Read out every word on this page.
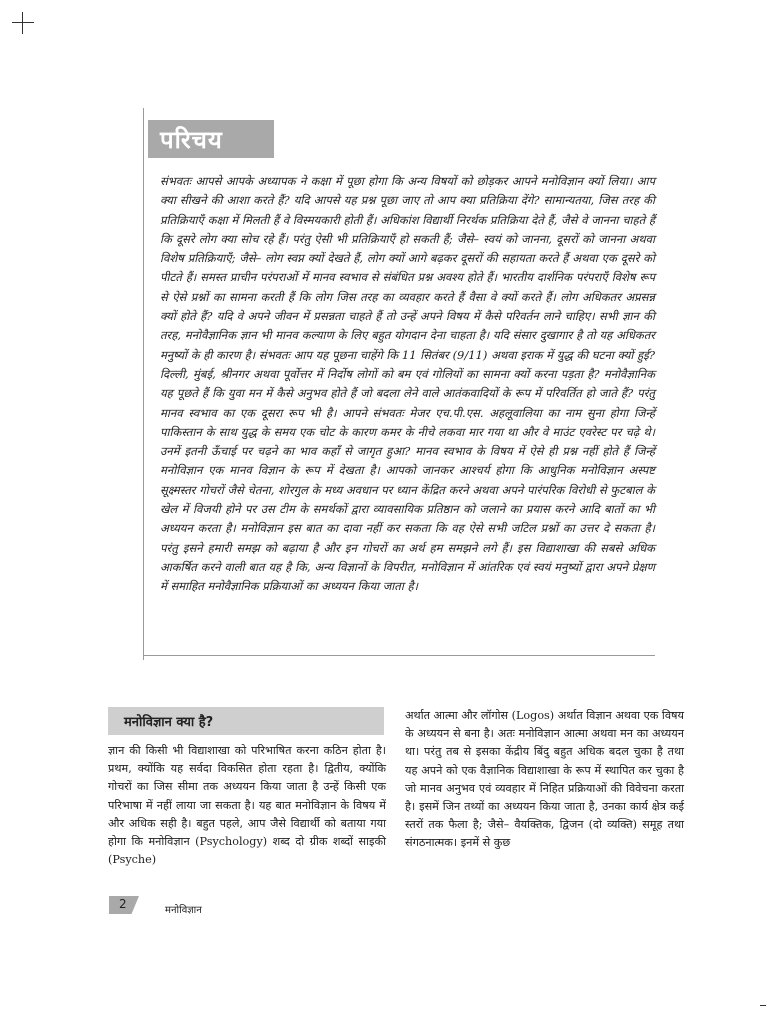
परिचय

संभवतः आपसे आपके अध्यापक ने कक्षा में पूछा होगा कि अन्य विषयों को छोड़कर आपने मनोविज्ञान क्यों लिया। आप क्या सीखने की आशा करते हैं? यदि आपसे यह प्रश्न पूछा जाए तो आप क्या प्रतिक्रिया देंगे? सामान्यतया, जिस तरह की प्रतिक्रियाएँ कक्षा में मिलती हैं वे विस्मयकारी होती हैं। अधिकांश विद्यार्थी निरर्थक प्रतिक्रिया देते हैं, जैसे वे जानना चाहते हैं कि दूसरे लोग क्या सोच रहे हैं। परंतु ऐसी भी प्रतिक्रियाएँ हो सकती हैं; जैसे– स्वयं को जानना, दूसरों को जानना अथवा विशेष प्रतिक्रियाएँ; जैसे– लोग स्वप्न क्यों देखते हैं, लोग क्यों आगे बढ़कर दूसरों की सहायता करते हैं अथवा एक दूसरे को पीटते हैं। समस्त प्राचीन परंपराओं में मानव स्वभाव से संबंधित प्रश्न अवश्य होते हैं। भारतीय दार्शनिक परंपराएँ विशेष रूप से ऐसे प्रश्नों का सामना करती हैं कि लोग जिस तरह का व्यवहार करते हैं वैसा वे क्यों करते हैं। लोग अधिकतर अप्रसन्न क्यों होते हैं? यदि वे अपने जीवन में प्रसन्नता चाहते हैं तो उन्हें अपने विषय में कैसे परिवर्तन लाने चाहिए। सभी ज्ञान की तरह, मनोवैज्ञानिक ज्ञान भी मानव कल्याण के लिए बहुत योगदान देना चाहता है। यदि संसार दुखागार है तो यह अधिकतर मनुष्यों के ही कारण है। संभवतः आप यह पूछना चाहेंगे कि 11 सितंबर (9/11) अथवा इराक में युद्ध की घटना क्यों हुई? दिल्ली, मुंबई, श्रीनगर अथवा पूर्वोत्तर में निर्दोष लोगों को बम एवं गोलियों का सामना क्यों करना पड़ता है? मनोवैज्ञानिक यह पूछते हैं कि युवा मन में कैसे अनुभव होते हैं जो बदला लेने वाले आतंकवादियों के रूप में परिवर्तित हो जाते हैं? परंतु मानव स्वभाव का एक दूसरा रूप भी है। आपने संभवतः मेजर एच.पी.एस. अहलूवालिया का नाम सुना होगा जिन्हें पाकिस्तान के साथ युद्ध के समय एक चोट के कारण कमर के नीचे लकवा मार गया था और वे माउंट एवरेस्ट पर चढ़े थे। उनमें इतनी ऊँचाई पर चढ़ने का भाव कहाँ से जागृत हुआ? मानव स्वभाव के विषय में ऐसे ही प्रश्न नहीं होते हैं जिन्हें मनोविज्ञान एक मानव विज्ञान के रूप में देखता है। आपको जानकर आश्चर्य होगा कि आधुनिक मनोविज्ञान अस्पष्ट सूक्ष्मस्तर गोचरों जैसे चेतना, शोरगुल के मध्य अवधान पर ध्यान केंद्रित करने अथवा अपने पारंपरिक विरोधी से फुटबाल के खेल में विजयी होने पर उस टीम के समर्थकों द्वारा व्यावसायिक प्रतिष्ठान को जलाने का प्रयास करने आदि बातों का भी अध्ययन करता है। मनोविज्ञान इस बात का दावा नहीं कर सकता कि वह ऐसे सभी जटिल प्रश्नों का उत्तर दे सकता है। परंतु इसने हमारी समझ को बढ़ाया है और इन गोचरों का अर्थ हम समझने लगे हैं। इस विद्याशाखा की सबसे अधिक आकर्षित करने वाली बात यह है कि, अन्य विज्ञानों के विपरीत, मनोविज्ञान में आंतरिक एवं स्वयं मनुष्यों द्वारा अपने प्रेक्षण में समाहित मनोवैज्ञानिक प्रक्रियाओं का अध्ययन किया जाता है।

मनोविज्ञान क्या है?

ज्ञान की किसी भी विद्याशाखा को परिभाषित करना कठिन होता है। प्रथम, क्योंकि यह सर्वदा विकसित होता रहता है। द्वितीय, क्योंकि गोचरों का जिस सीमा तक अध्ययन किया जाता है उन्हें किसी एक परिभाषा में नहीं लाया जा सकता है। यह बात मनोविज्ञान के विषय में और अधिक सही है। बहुत पहले, आप जैसे विद्यार्थी को बताया गया होगा कि मनोविज्ञान (Psychology) शब्द दो ग्रीक शब्दों साइकी (Psyche)

अर्थात आत्मा और लॉगोस (Logos) अर्थात विज्ञान अथवा एक विषय के अध्ययन से बना है। अतः मनोविज्ञान आत्मा अथवा मन का अध्ययन था। परंतु तब से इसका केंद्रीय बिंदु बहुत अधिक बदल चुका है तथा यह अपने को एक वैज्ञानिक विद्याशाखा के रूप में स्थापित कर चुका है जो मानव अनुभव एवं व्यवहार में निहित प्रक्रियाओं की विवेचना करता है। इसमें जिन तथ्यों का अध्ययन किया जाता है, उनका कार्य क्षेत्र कई स्तरों तक फैला है; जैसे– वैयक्तिक, द्विजन (दो व्यक्ति) समूह तथा संगठनात्मक। इनमें से कुछ

2	मनोविज्ञान
